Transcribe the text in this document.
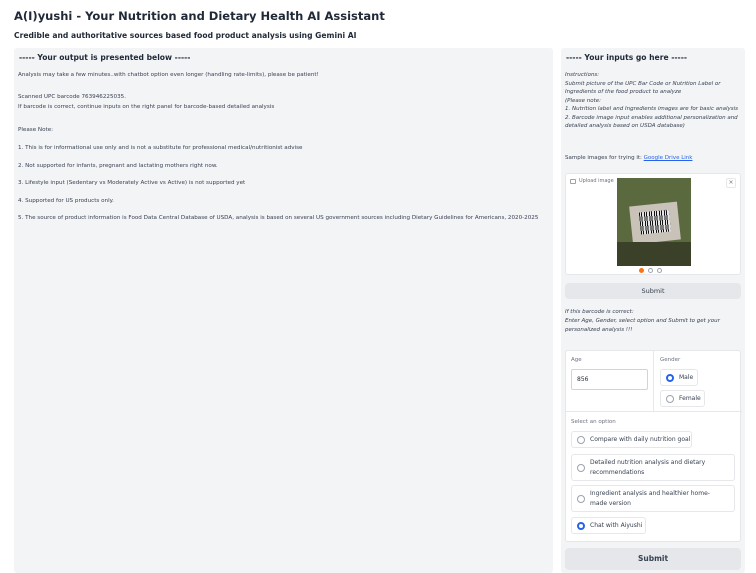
A(I)yushi - Your Nutrition and Dietary Health AI Assistant
Credible and authoritative sources based food product analysis using Gemini AI
----- Your output is presented below -----
Analysis may take a few minutes..with chatbot option even longer (handling rate-limits), please be patient!
Scanned UPC barcode 763946225035.
If barcode is correct, continue inputs on the right panel for barcode-based detailed analysis
Please Note:
1. This is for informational use only and is not a substitute for professional medical/nutritionist advise
2. Not supported for infants, pregnant and lactating mothers right now.
3. Lifestyle input (Sedentary vs Moderately Active vs Active) is not supported yet
4. Supported for US products only.
5. The source of product information is Food Data Central Database of USDA, analysis is based on several US government sources including Dietary Guidelines for Americans, 2020-2025
----- Your inputs go here -----
Instructions:
Submit picture of the UPC Bar Code or Nutrition Label or
Ingredients of the food product to analyze
(Please note:
1. Nutrition label and Ingredients images are for basic analysis
2. Barcode image input enables additional personalization and
detailed analysis based on USDA database)
Sample images for trying it: Google Drive Link
Upload image	×
Submit
If this barcode is correct:
Enter Age, Gender, select option and Submit to get your
personalized analysis !!!
Age
856
Gender
Male
Female
Select an option
Compare with daily nutrition goal
Detailed nutrition analysis and dietary recommendations
Ingredient analysis and healthier home-made version
Chat with Aiyushi
Submit
